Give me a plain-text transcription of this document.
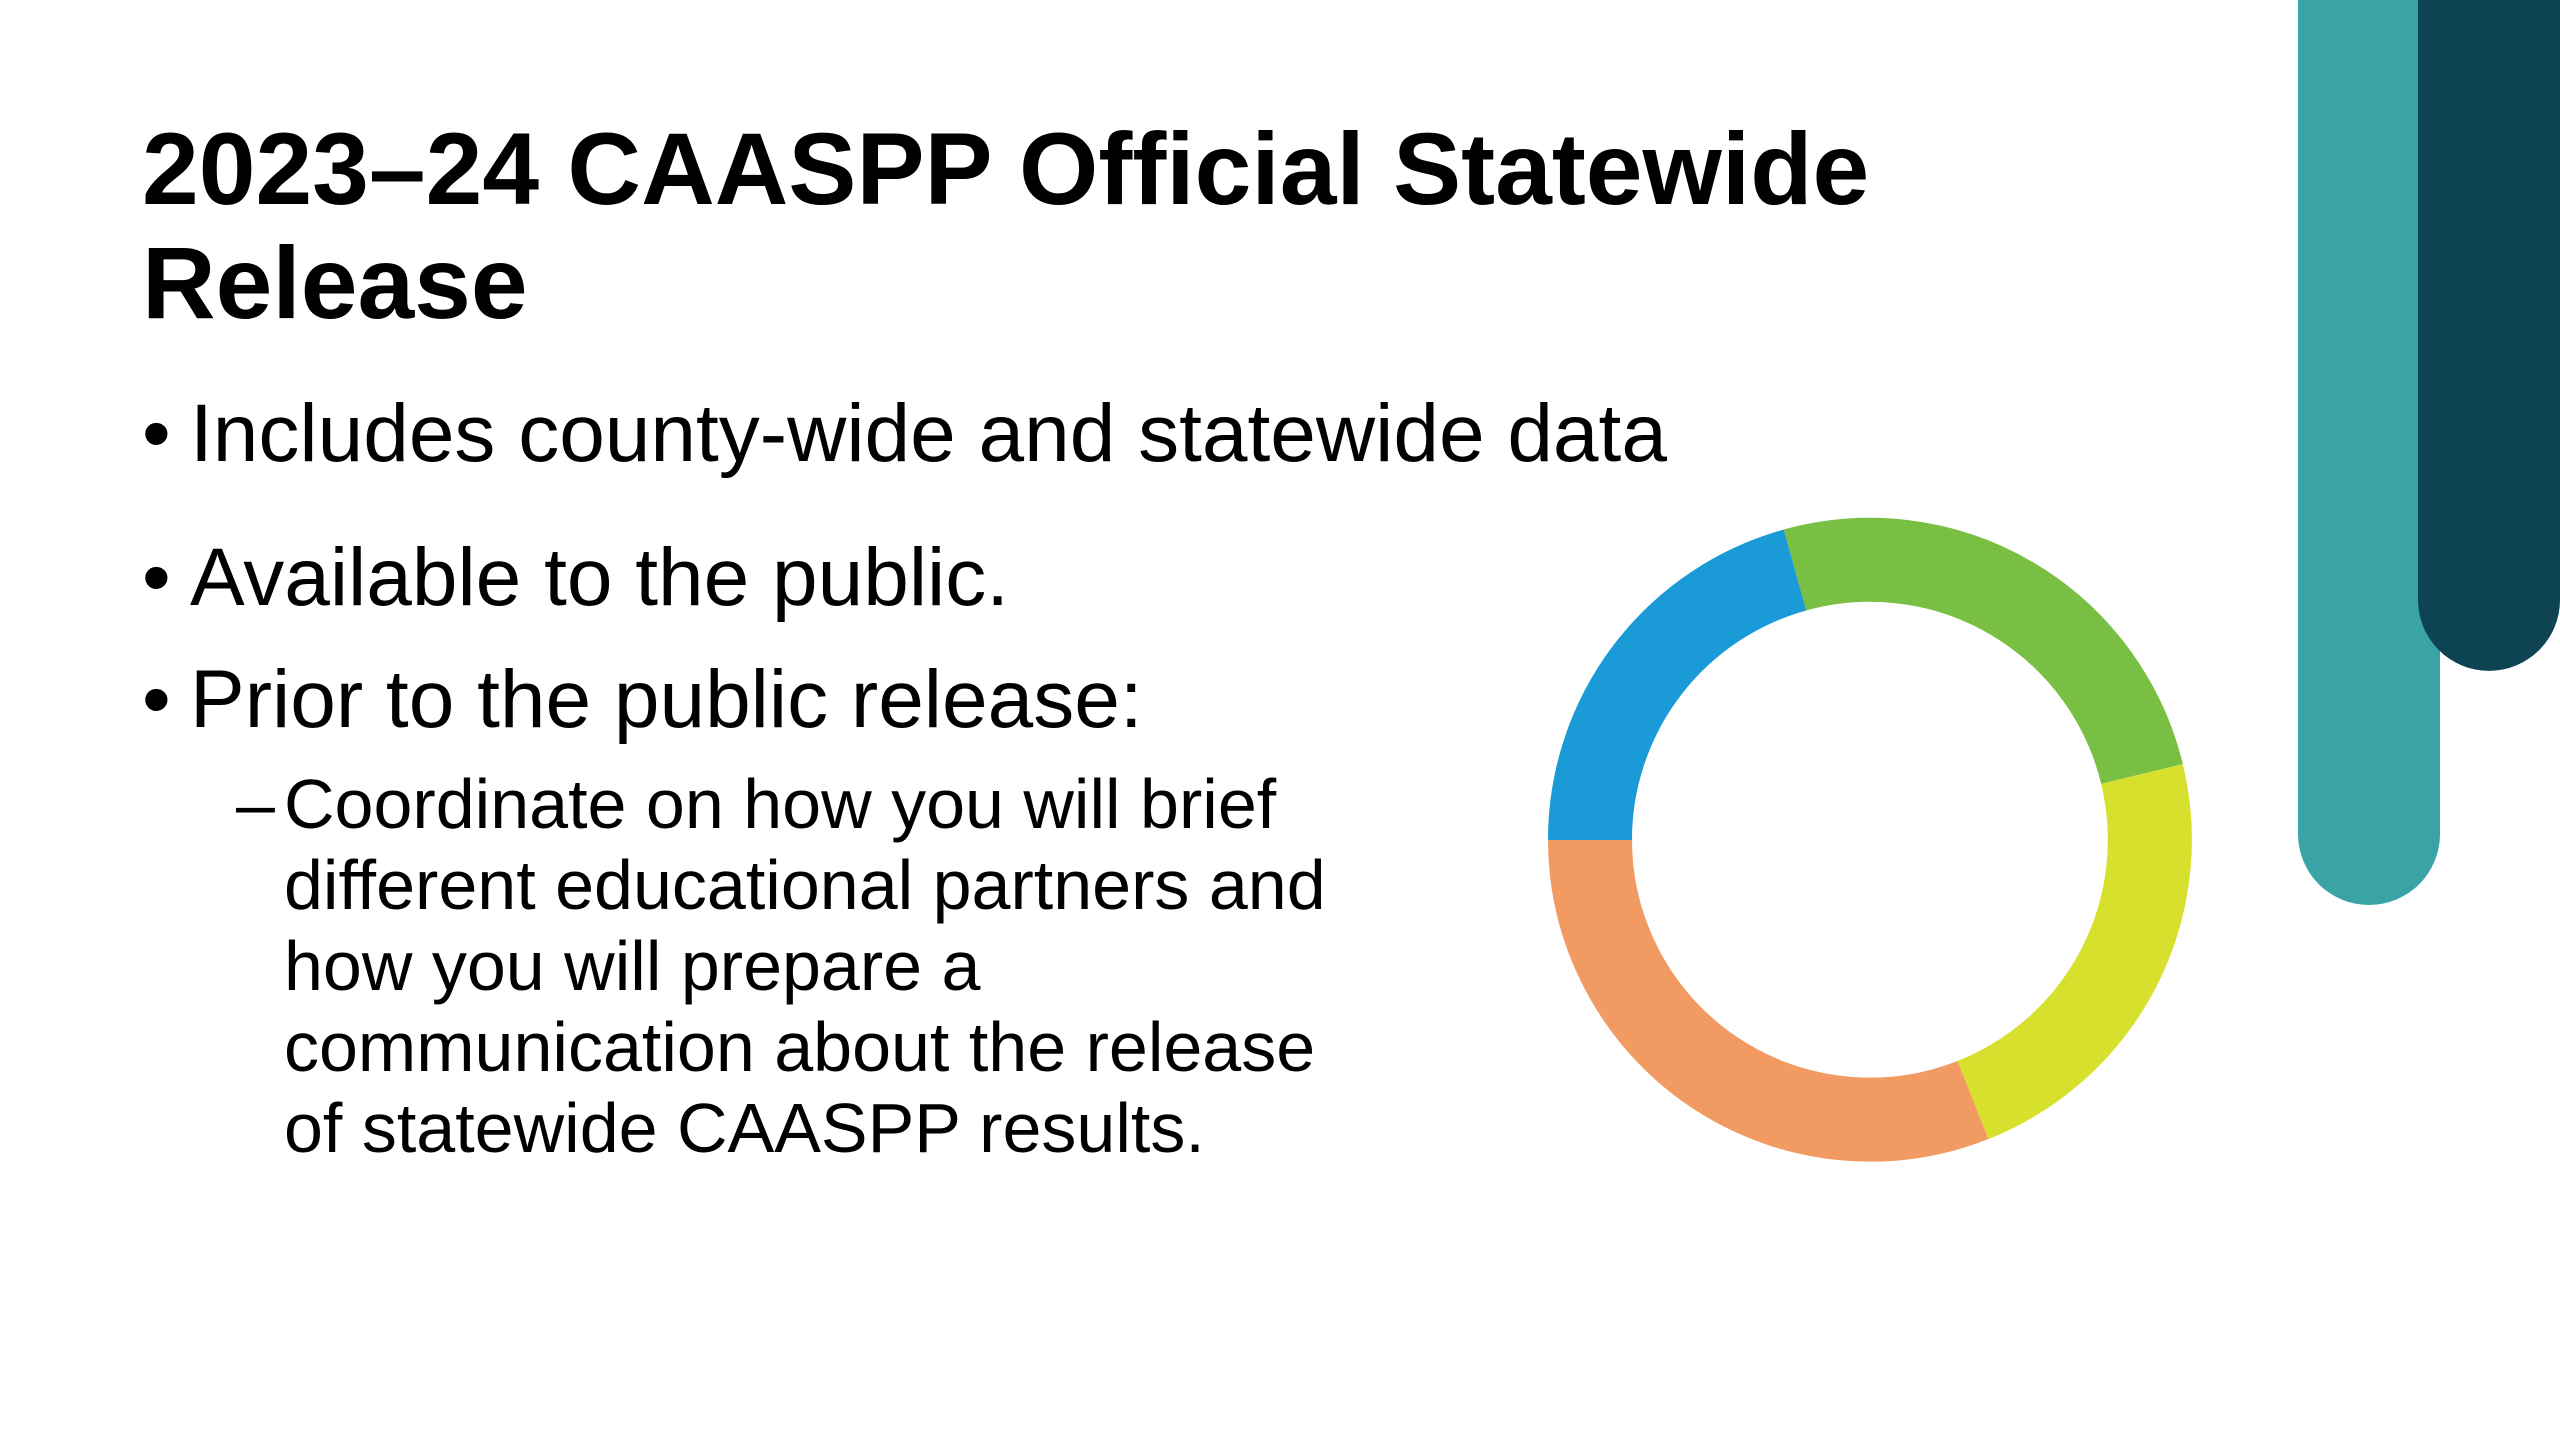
2023–24 CAASPP Official Statewide
Release
• Includes county-wide and statewide data
• Available to the public.
• Prior to the public release:
– Coordinate on how you will brief
different educational partners and
how you will prepare a
communication about the release
of statewide CAASPP results.
